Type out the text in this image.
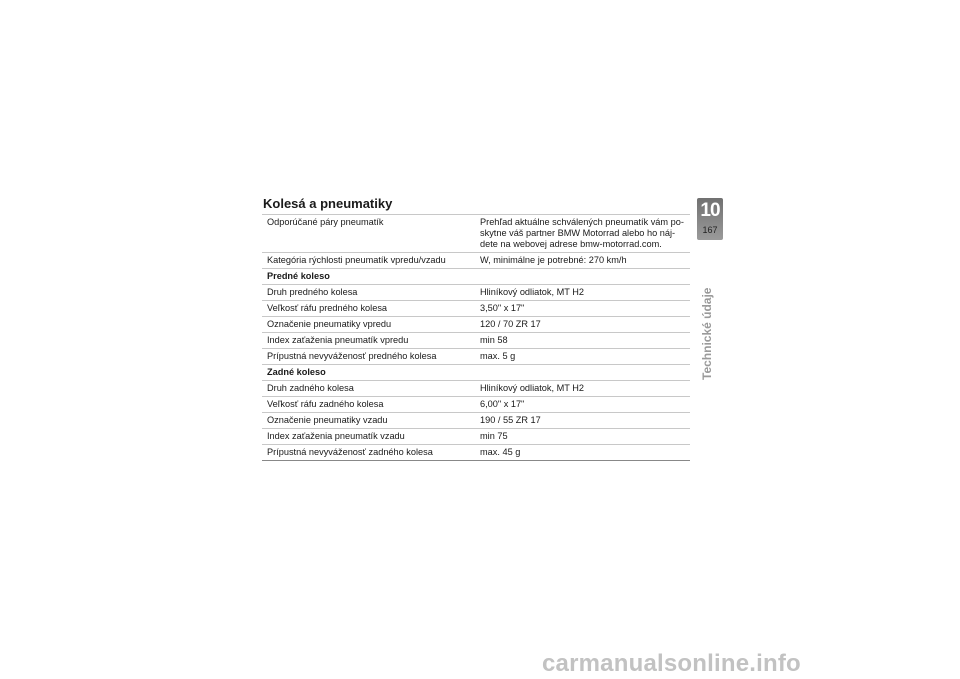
Kolesá a pneumatiky
Odporúčané páry pneumatík	Prehľad aktuálne schválených pneumatík vám po-skytne váš partner BMW Motorrad alebo ho náj-dete na webovej adrese bmw-motorrad.com.
Kategória rýchlosti pneumatík vpredu/vzadu	W, minimálne je potrebné: 270 km/h
Predné koleso
Druh predného kolesa	Hliníkový odliatok, MT H2
Veľkosť ráfu predného kolesa	3,50" x 17"
Označenie pneumatiky vpredu	120 / 70 ZR 17
Index zaťaženia pneumatík vpredu	min 58
Prípustná nevyváženosť predného kolesa	max. 5 g
Zadné koleso
Druh zadného kolesa	Hliníkový odliatok, MT H2
Veľkosť ráfu zadného kolesa	6,00" x 17"
Označenie pneumatiky vzadu	190 / 55 ZR 17
Index zaťaženia pneumatík vzadu	min 75
Prípustná nevyváženosť zadného kolesa	max. 45 g
10
167
Technické údaje
carmanualsonline.info
